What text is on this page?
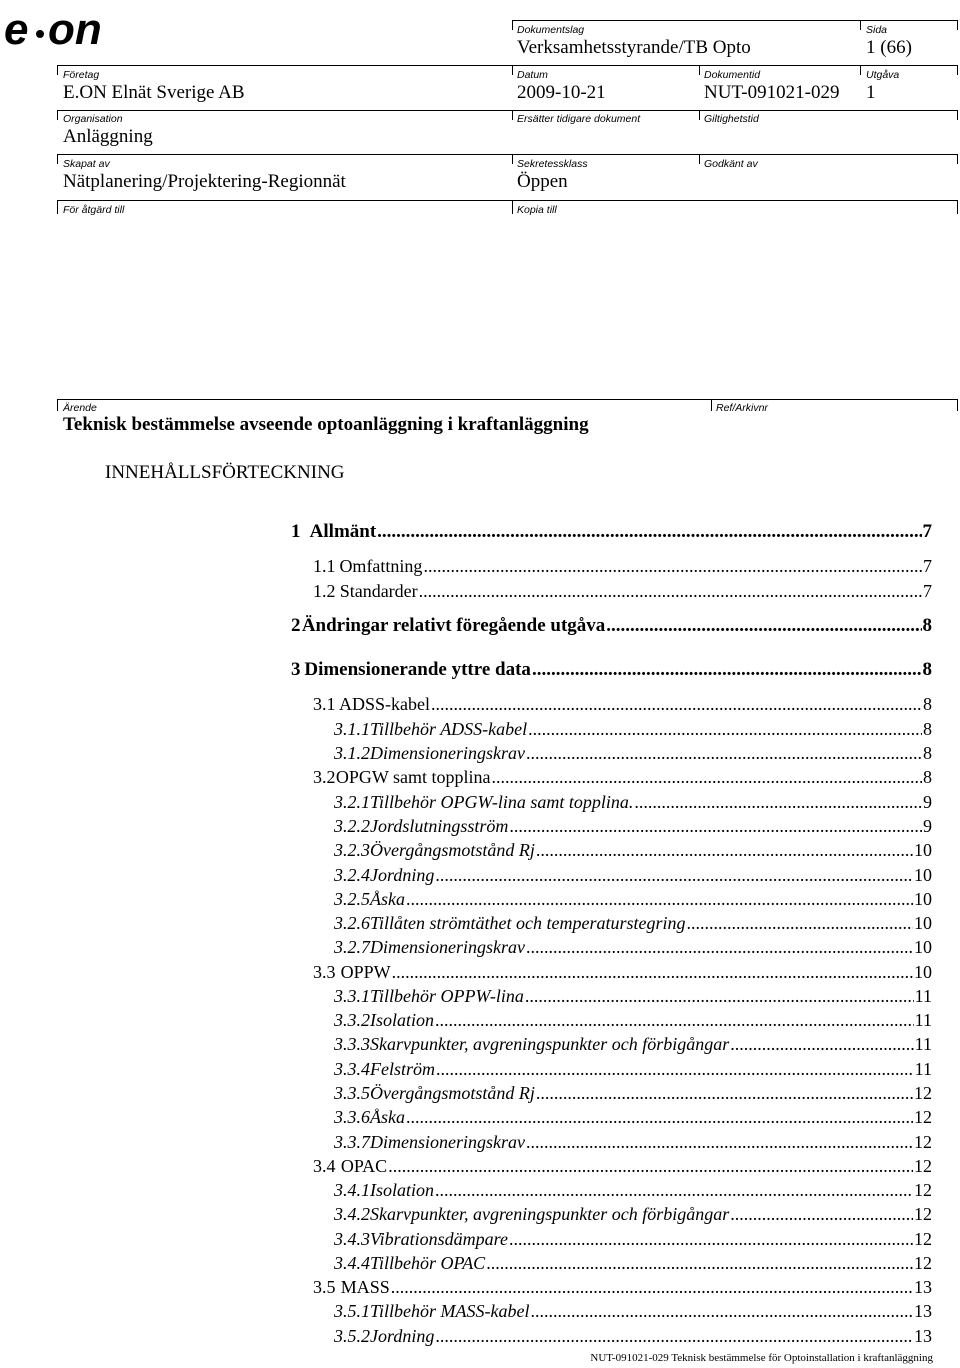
e on	Dokumentslag
Verksamhetsstyrande/TB Opto
Sida
1 (66)
Företag
E.ON Elnät Sverige AB
Datum
2009-10-21
Dokumentid
NUT-091021-029
Utgåva
1
Organisation
Anläggning
Ersätter tidigare dokument	Giltighetstid
Skapat av
Nätplanering/Projektering-Regionnät
Sekretessklass
Öppen
Godkänt av
För åtgärd till	Kopia till
Ärende	Ref/Arkivnr
Teknisk bestämmelse avseende optoanläggning i kraftanläggning
INNEHÅLLSFÖRTECKNING
1 Allmänt .....	7
1.1 Omfattning .....	7
1.2 Standarder .....	7
2 Ändringar relativt föregående utgåva .....	8
3 Dimensionerande yttre data .....	8
3.1 ADSS-kabel .....	8
3.1.1 Tillbehör ADSS-kabel .....	8
3.1.2 Dimensioneringskrav .....	8
3.2 OPGW samt topplina .....	8
3.2.1 Tillbehör OPGW-lina samt topplina. .....	9
3.2.2 Jordslutningsström .....	9
3.2.3 Övergångsmotstånd Rj .....	10
3.2.4 Jordning .....	10
3.2.5 Åska .....	10
3.2.6 Tillåten strömtäthet och temperaturstegring .....	10
3.2.7 Dimensioneringskrav .....	10
3.3 OPPW .....	10
3.3.1 Tillbehör OPPW-lina .....	11
3.3.2 Isolation .....	11
3.3.3 Skarvpunkter, avgreningspunkter och förbigångar .....	11
3.3.4 Felström .....	11
3.3.5 Övergångsmotstånd Rj .....	12
3.3.6 Åska .....	12
3.3.7 Dimensioneringskrav .....	12
3.4 OPAC .....	12
3.4.1 Isolation .....	12
3.4.2 Skarvpunkter, avgreningspunkter och förbigångar .....	12
3.4.3 Vibrationsdämpare .....	12
3.4.4 Tillbehör OPAC .....	12
3.5 MASS .....	13
3.5.1 Tillbehör MASS-kabel .....	13
3.5.2 Jordning .....	13
NUT-091021-029 Teknisk bestämmelse för Optoinstallation i kraftanläggning
